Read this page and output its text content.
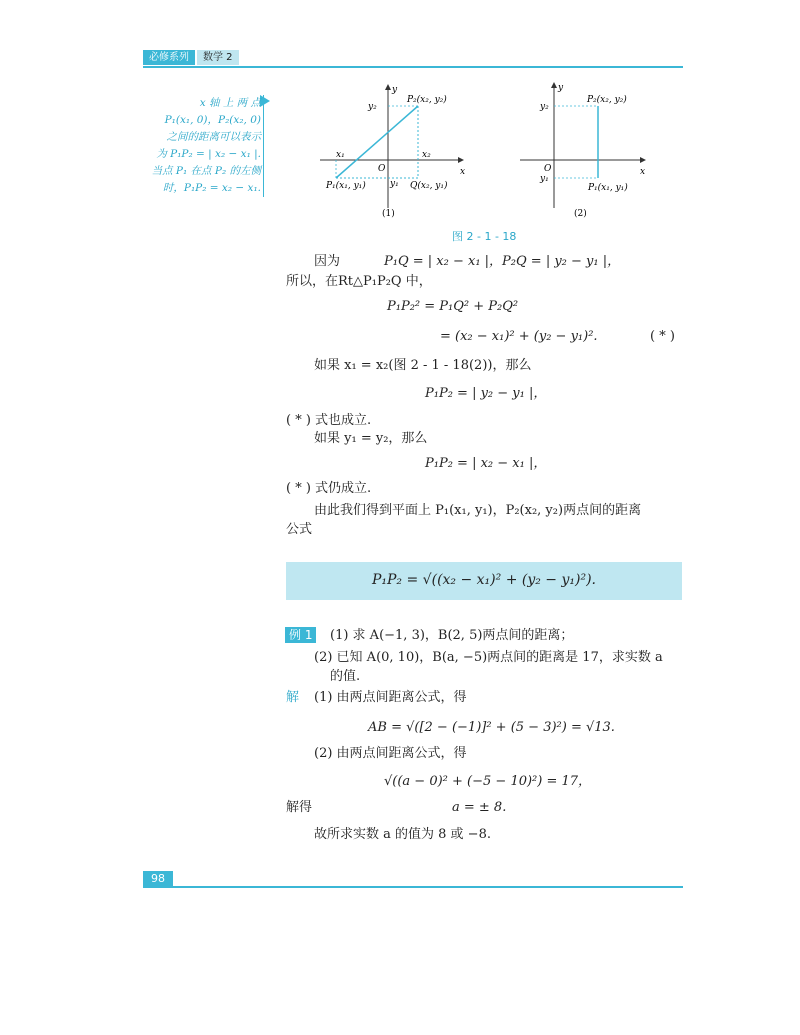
必修系列	数学 2
x 轴 上 两 点
P₁(x₁, 0)，P₂(x₂, 0)
之间的距离可以表示
为 P₁P₂ = | x₂ − x₁ |.
当点 P₁ 在点 P₂ 的左侧
时，P₁P₂ = x₂ − x₁.
y
x
O
y₂
x₁	x₂
y₁
P₂(x₂, y₂)
P₁(x₁, y₁)	Q(x₂, y₁)
(1)
y
x
O
y₂
y₁
P₂(x₂, y₂)
P₁(x₁, y₁)
(2)
图 2 - 1 - 18
因为	P₁Q = | x₂ − x₁ |，P₂Q = | y₂ − y₁ |，
所以，在Rt△P₁P₂Q 中，
P₁P₂² = P₁Q² + P₂Q²
= (x₂ − x₁)² + (y₂ − y₁)².	( * )
如果 x₁ = x₂(图 2 - 1 - 18(2))，那么
P₁P₂ = | y₂ − y₁ |，
( * ) 式也成立.
如果 y₁ = y₂，那么
P₁P₂ = | x₂ − x₁ |，
( * ) 式仍成立.
由此我们得到平面上 P₁(x₁, y₁)，P₂(x₂, y₂)两点间的距离
公式
P₁P₂ = √((x₂ − x₁)² + (y₂ − y₁)²).
例 1	(1) 求 A(−1, 3)，B(2, 5)两点间的距离；
(2) 已知 A(0, 10)，B(a, −5)两点间的距离是 17，求实数 a
的值.
解 (1) 由两点间距离公式，得
AB = √([2 − (−1)]² + (5 − 3)²) = √13.
(2) 由两点间距离公式，得
√((a − 0)² + (−5 − 10)²) = 17，
解得	a = ± 8.
故所求实数 a 的值为 8 或 −8.
98
